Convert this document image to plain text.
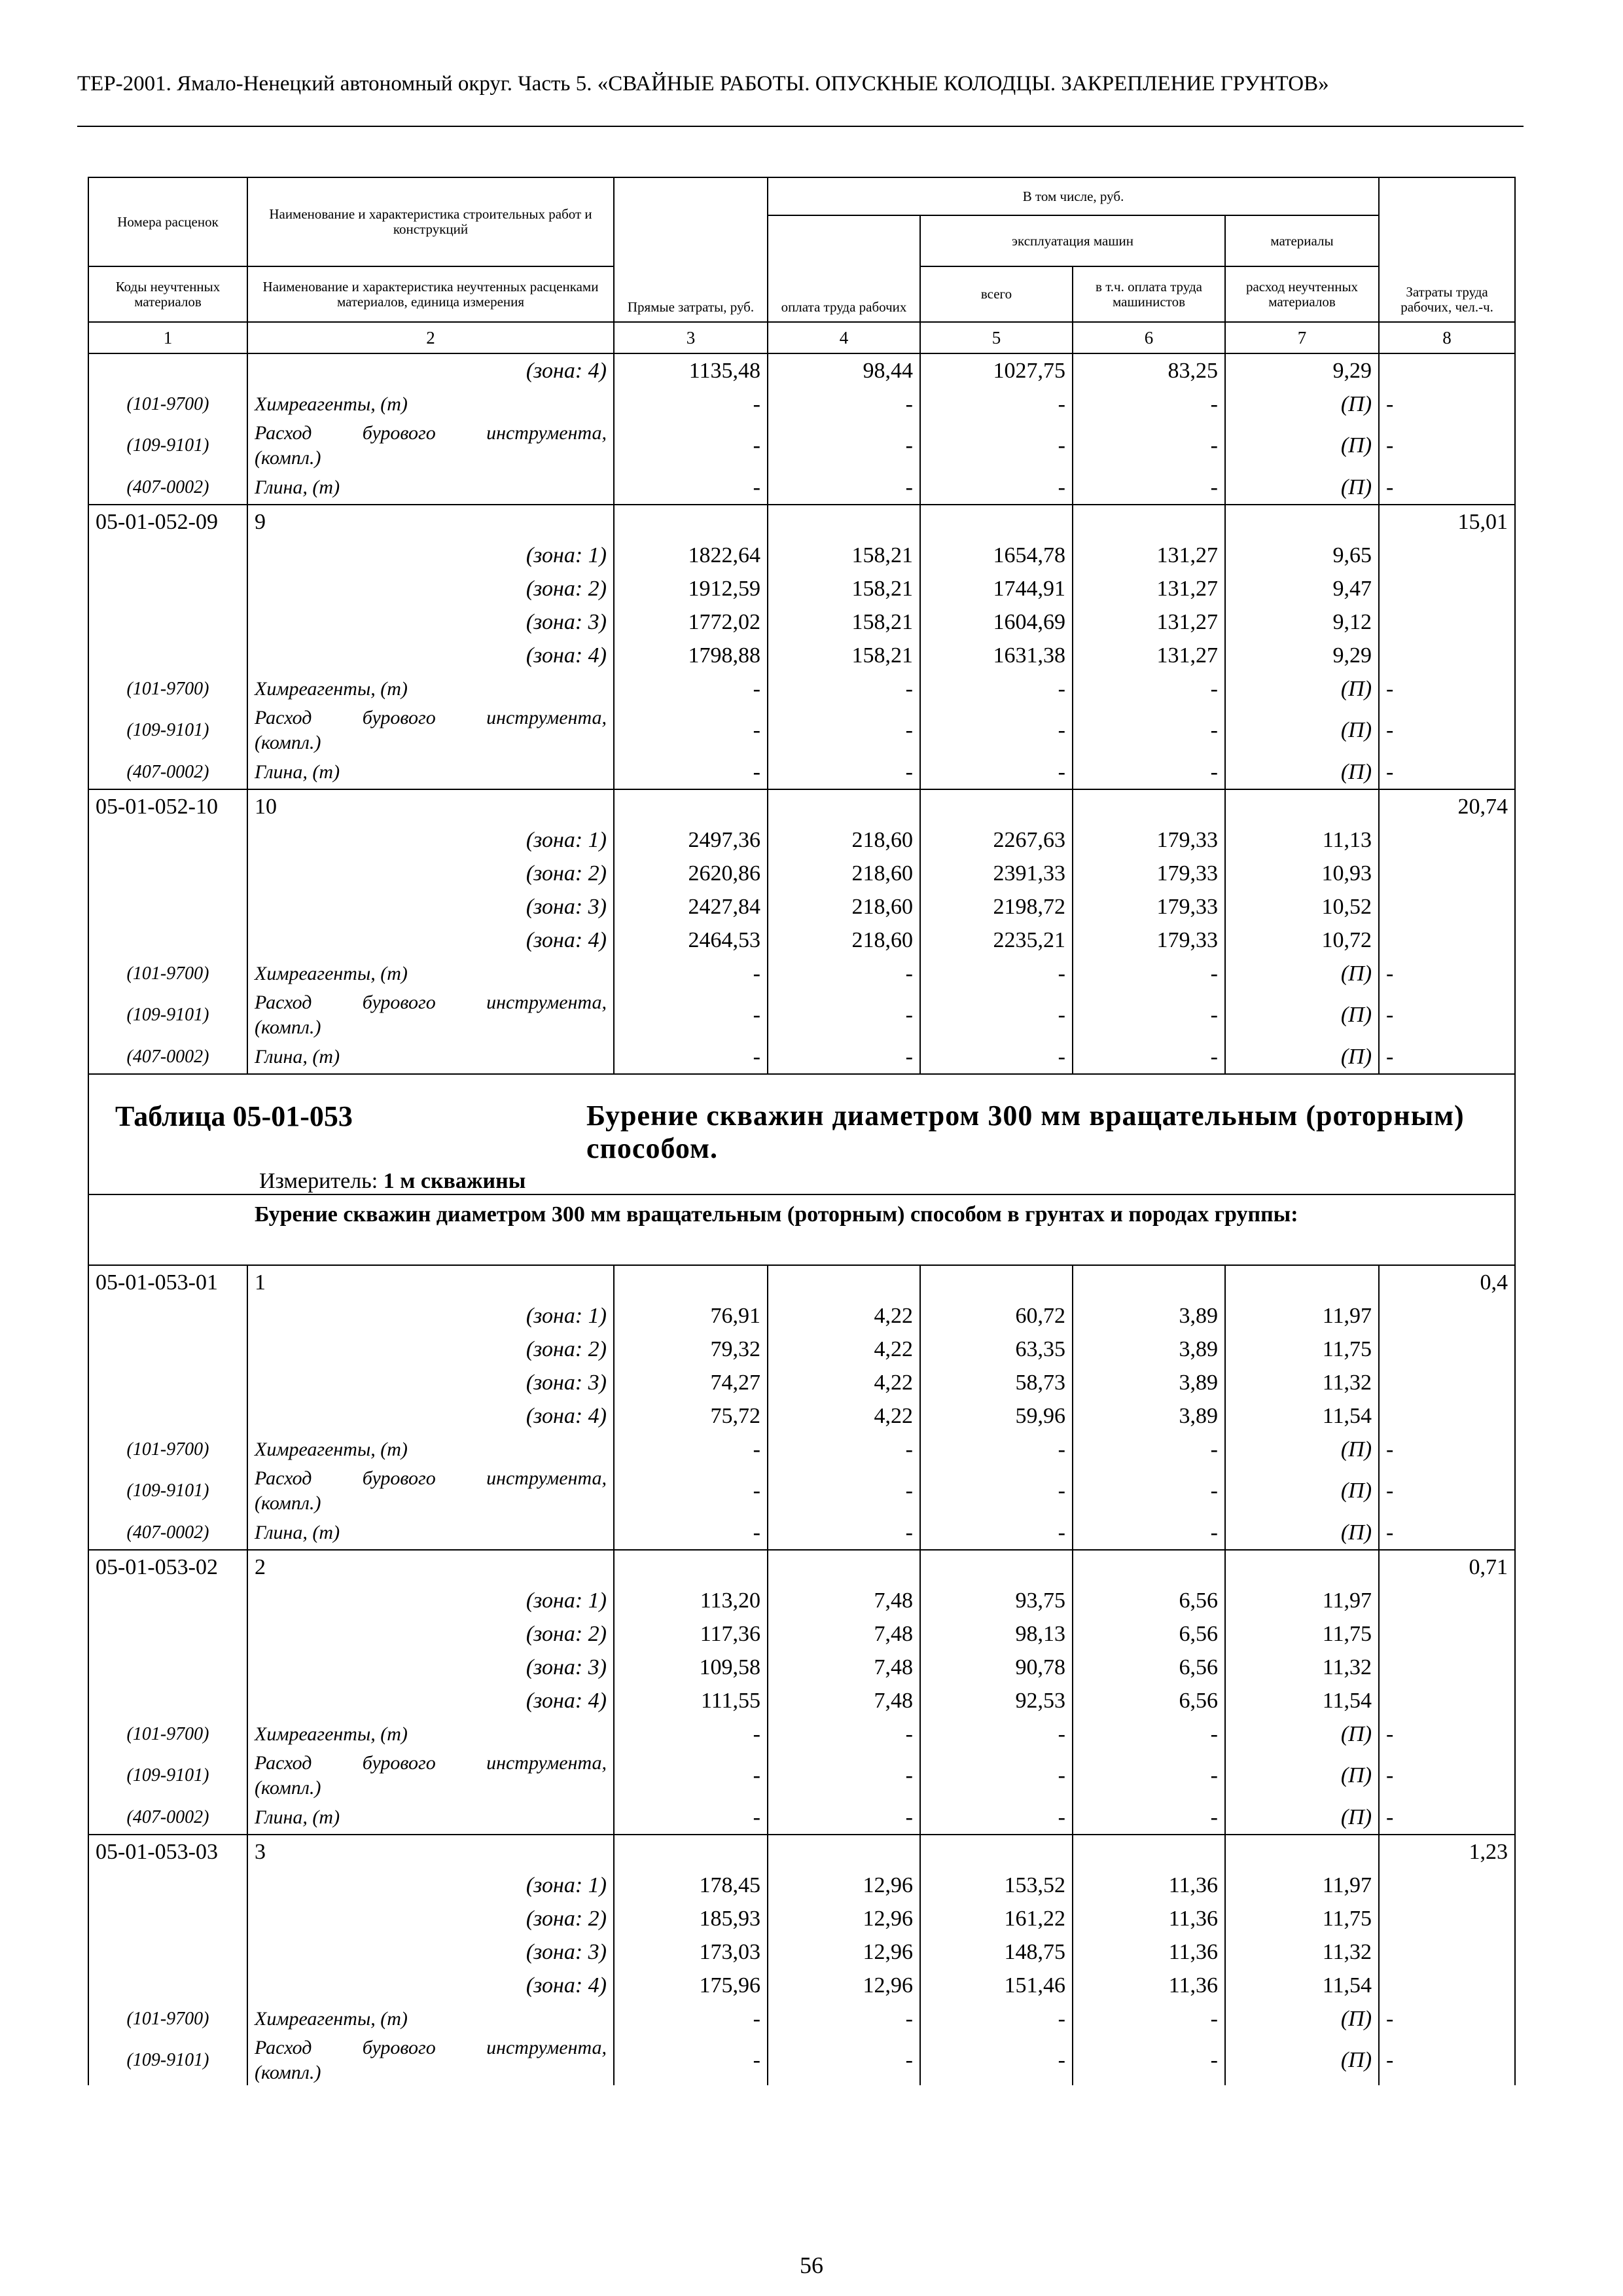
ТЕР-2001. Ямало-Ненецкий автономный округ. Часть 5. «СВАЙНЫЕ РАБОТЫ. ОПУСКНЫЕ КОЛОДЦЫ. ЗАКРЕПЛЕНИЕ ГРУНТОВ»
Номера расценок	Наименование и характеристика строительных работ и конструкций	Прямые затраты, руб.	В том числе, руб.				Затраты труда рабочих, чел.-ч.
			оплата труда рабочих	эксплуатация машин		материалы	
Коды неучтенных материалов	Наименование и характеристика неучтенных расценками материалов, единица измерения			всего	в т.ч. оплата труда машинистов	расход неучтенных материалов	
1	2	3	4	5	6	7	8
	(зона: 4)	1135,48	98,44	1027,75	83,25	9,29	
(101-9700)	Химреагенты, (т)	-	-	-	-	(П)	-
(109-9101)	Расход бурового инструмента,
(компл.)	-	-	-	-	(П)	-
(407-0002)	Глина, (т)	-	-	-	-	(П)	-
05-01-052-09	9						15,01
	(зона: 1)	1822,64	158,21	1654,78	131,27	9,65	
	(зона: 2)	1912,59	158,21	1744,91	131,27	9,47	
	(зона: 3)	1772,02	158,21	1604,69	131,27	9,12	
	(зона: 4)	1798,88	158,21	1631,38	131,27	9,29	
(101-9700)	Химреагенты, (т)	-	-	-	-	(П)	-
(109-9101)	Расход бурового инструмента,
(компл.)	-	-	-	-	(П)	-
(407-0002)	Глина, (т)	-	-	-	-	(П)	-
05-01-052-10	10						20,74
	(зона: 1)	2497,36	218,60	2267,63	179,33	11,13	
	(зона: 2)	2620,86	218,60	2391,33	179,33	10,93	
	(зона: 3)	2427,84	218,60	2198,72	179,33	10,52	
	(зона: 4)	2464,53	218,60	2235,21	179,33	10,72	
(101-9700)	Химреагенты, (т)	-	-	-	-	(П)	-
(109-9101)	Расход бурового инструмента,
(компл.)	-	-	-	-	(П)	-
(407-0002)	Глина, (т)	-	-	-	-	(П)	-

Таблица 05-01-053 Бурение скважин диаметром 300 мм вращательным (роторным) способом.
Измеритель: 1 м скважины							

Бурение скважин диаметром 300 мм вращательным (роторным) способом в грунтах и породах группы:							
05-01-053-01	1						0,4
	(зона: 1)	76,91	4,22	60,72	3,89	11,97	
	(зона: 2)	79,32	4,22	63,35	3,89	11,75	
	(зона: 3)	74,27	4,22	58,73	3,89	11,32	
	(зона: 4)	75,72	4,22	59,96	3,89	11,54	
(101-9700)	Химреагенты, (т)	-	-	-	-	(П)	-
(109-9101)	Расход бурового инструмента,
(компл.)	-	-	-	-	(П)	-
(407-0002)	Глина, (т)	-	-	-	-	(П)	-
05-01-053-02	2						0,71
	(зона: 1)	113,20	7,48	93,75	6,56	11,97	
	(зона: 2)	117,36	7,48	98,13	6,56	11,75	
	(зона: 3)	109,58	7,48	90,78	6,56	11,32	
	(зона: 4)	111,55	7,48	92,53	6,56	11,54	
(101-9700)	Химреагенты, (т)	-	-	-	-	(П)	-
(109-9101)	Расход бурового инструмента,
(компл.)	-	-	-	-	(П)	-
(407-0002)	Глина, (т)	-	-	-	-	(П)	-
05-01-053-03	3						1,23
	(зона: 1)	178,45	12,96	153,52	11,36	11,97	
	(зона: 2)	185,93	12,96	161,22	11,36	11,75	
	(зона: 3)	173,03	12,96	148,75	11,36	11,32	
	(зона: 4)	175,96	12,96	151,46	11,36	11,54	
(101-9700)	Химреагенты, (т)	-	-	-	-	(П)	-
(109-9101)	Расход бурового инструмента,
(компл.)	-	-	-	-	(П)	-
56
